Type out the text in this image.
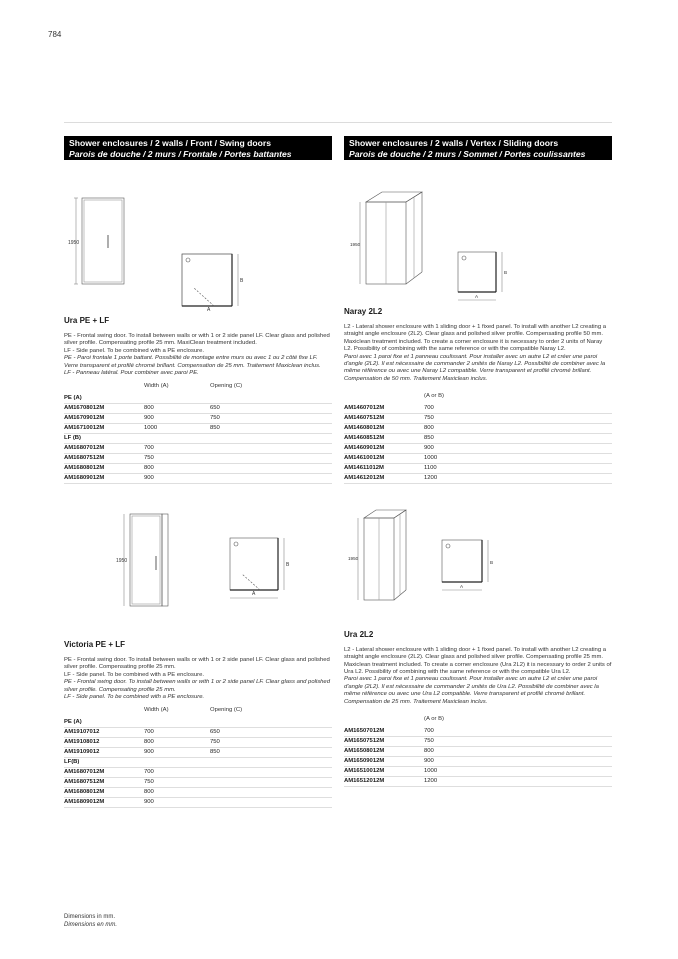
784
Shower enclosures / 2 walls / Front / Swing doors
Parois de douche / 2 murs / Frontale / Portes battantes
1950
A
B
Ura PE + LF
PE - Frontal swing door. To install between walls or with 1 or 2 side panel LF. Clear glass and polished silver profile. Compensating profile 25 mm. MaxiClean treatment included.
LF - Side panel. To be combined with a PE enclosure.
PE - Paroi frontale 1 porte battant. Possibilité de montage entre murs ou avec 1 ou 2 côté fixe LF. Verre transparent et profilé chromé brillant. Compensation de 25 mm. Traitement Maxiclean inclus.
LF - Panneau latéral. Pour combiner avec paroi PE.
	Width (A)	Opening (C)
PE (A)		
AM16708012M	800	650
AM16709012M	900	750
AM16710012M	1000	850
LF (B)		
AM16807012M	700	
AM16807512M	750	
AM16808012M	800	
AM16809012M	900	
1950
A
B
Victoria PE + LF
PE - Frontal swing door. To install between walls or with 1 or 2 side panel LF. Clear glass and polished silver profile. Compensating profile 25 mm.
LF - Side panel. To be combined with a PE enclosure.
PE - Frontal swing door. To install between walls or with 1 or 2 side panel LF. Clear glass and polished silver profile. Compensating profile 25 mm.
LF - Side panel. To be combined with a PE enclosure.
	Width (A)	Opening (C)
PE (A)		
AM19107012	700	650
AM19108012	800	750
AM19109012	900	850
LF(B)		
AM16807012M	700	
AM16807512M	750	
AM16808012M	800	
AM16809012M	900	
Shower enclosures / 2 walls / Vertex / Sliding doors
Parois de douche / 2 murs / Sommet / Portes coulissantes
1950
A
B
Naray 2L2
L2 - Lateral shower enclosure with 1 sliding door + 1 fixed panel. To install with another L2 creating a straight angle enclosure (2L2). Clear glass and polished silver profile. Compensating profile 50 mm. Maxiclean treatment included. To create a corner enclosure it is necessary to order 2 units of Naray L2. Possibility of combining with the same reference or with the compatible Naray L2.
Paroi avec 1 paroi fixe et 1 panneau coulissant. Pour installer avec un autre L2 et créer une paroi d'angle (2L2). Il est nécessaire de commander 2 unités de Naray L2. Possibilité de combiner avec la même référence ou avec une Naray L2 compatible. Verre transparent et profilé chromé brillant. Compensation de 50 mm. Traitement Maxiclean inclus.
	(A or B)
AM14607012M	700
AM14607512M	750
AM14608012M	800
AM14608512M	850
AM14609012M	900
AM14610012M	1000
AM14611012M	1100
AM14612012M	1200
1950
A
B
Ura 2L2
L2 - Lateral shower enclosure with 1 sliding door + 1 fixed panel. To install with another L2 creating a straight angle enclosure (2L2). Clear glass and polished silver profile. Compensating profile 25 mm. Maxiclean treatment included. To create a corner enclosure (Ura 2L2) it is necessary to order 2 units of Ura L2. Possibility of combining with the same reference or with the compatible Ura L2.
Paroi avec 1 paroi fixe et 1 panneau coulissant. Pour installer avec un autre L2 et créer une paroi d'angle (2L2). Il est nécessaire de commander 2 unités de Ura L2. Possibilité de combiner avec la même référence ou avec une Ura L2 compatible. Verre transparent et profilé chromé brillant. Compensation de 25 mm. Traitement Maxiclean inclus.
	(A or B)
AM16507012M	700
AM16507512M	750
AM16508012M	800
AM16509012M	900
AM16510012M	1000
AM16512012M	1200
Dimensions in mm.
Dimensions en mm.
